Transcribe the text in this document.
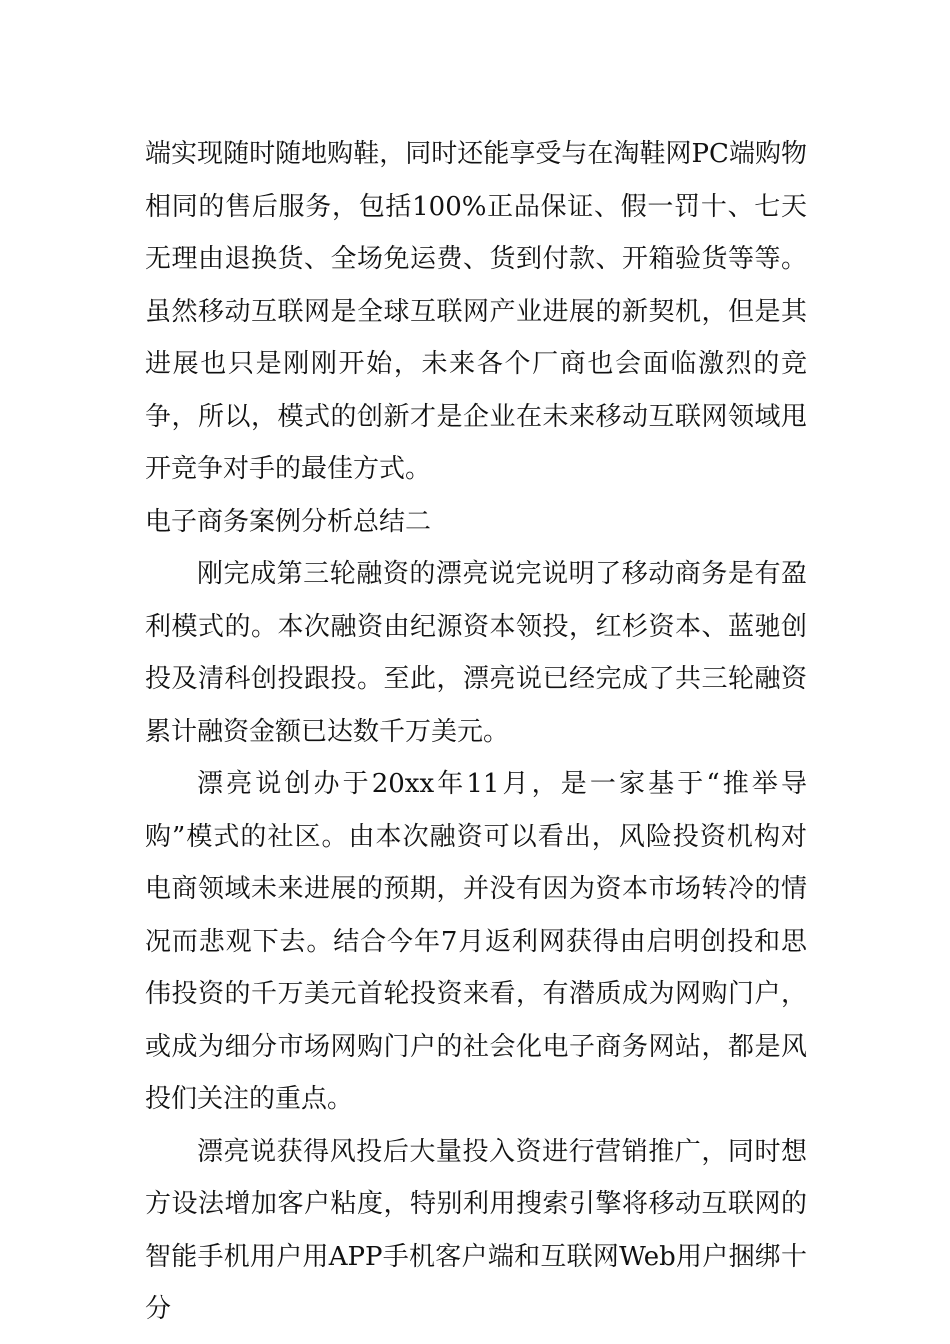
端实现随时随地购鞋，同时还能享受与在淘鞋网PC端购物相同的售后服务，包括100%正品保证、假一罚十、七天无理由退换货、全场免运费、货到付款、开箱验货等等。虽然移动互联网是全球互联网产业进展的新契机，但是其进展也只是刚刚开始，未来各个厂商也会面临激烈的竞争，所以，模式的创新才是企业在未来移动互联网领域甩开竞争对手的最佳方式。

电子商务案例分析总结二

刚完成第三轮融资的漂亮说完说明了移动商务是有盈利模式的。本次融资由纪源资本领投，红杉资本、蓝驰创投及清科创投跟投。至此，漂亮说已经完成了共三轮融资累计融资金额已达数千万美元。

漂亮说创办于20xx年11月，是一家基于“推举导购”模式的社区。由本次融资可以看出，风险投资机构对电商领域未来进展的预期，并没有因为资本市场转冷的情况而悲观下去。结合今年7月返利网获得由启明创投和思伟投资的千万美元首轮投资来看，有潜质成为网购门户，或成为细分市场网购门户的社会化电子商务网站，都是风投们关注的重点。

漂亮说获得风投后大量投入资进行营销推广，同时想方设法增加客户粘度，特别利用搜索引擎将移动互联网的智能手机用户用APP手机客户端和互联网Web用户捆绑十分
